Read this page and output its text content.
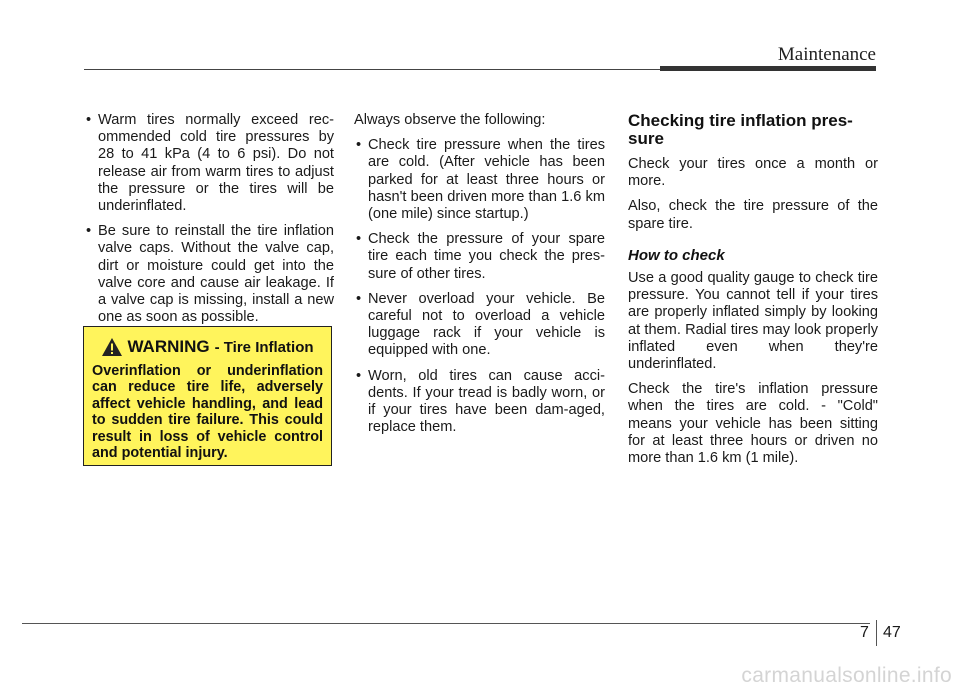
Maintenance
• Warm tires normally exceed rec-ommended cold tire pressures by 28 to 41 kPa (4 to 6 psi). Do not release air from warm tires to adjust the pressure or the tires will be underinflated.
• Be sure to reinstall the tire inflation valve caps. Without the valve cap, dirt or moisture could get into the valve core and cause air leakage. If a valve cap is missing, install a new one as soon as possible.
WARNING - Tire Inflation
Overinflation or underinflation can reduce tire life, adversely affect vehicle handling, and lead to sudden tire failure. This could result in loss of vehicle control and potential injury.

Always observe the following:

• Check tire pressure when the tires are cold. (After vehicle has been parked for at least three hours or hasn't been driven more than 1.6 km (one mile) since startup.)
• Check the pressure of your spare tire each time you check the pres-sure of other tires.
• Never overload your vehicle. Be careful not to overload a vehicle luggage rack if your vehicle is equipped with one.
• Worn, old tires can cause acci-dents. If your tread is badly worn, or if your tires have been dam-aged, replace them.
Checking tire inflation pres-sure

Check your tires once a month or more.

Also, check the tire pressure of the spare tire.

How to check

Use a good quality gauge to check tire pressure. You cannot tell if your tires are properly inflated simply by looking at them. Radial tires may look properly inflated even when they're underinflated.

Check the tire's inflation pressure when the tires are cold. - "Cold" means your vehicle has been sitting for at least three hours or driven no more than 1.6 km (1 mile).

7 47
carmanualsonline.info
